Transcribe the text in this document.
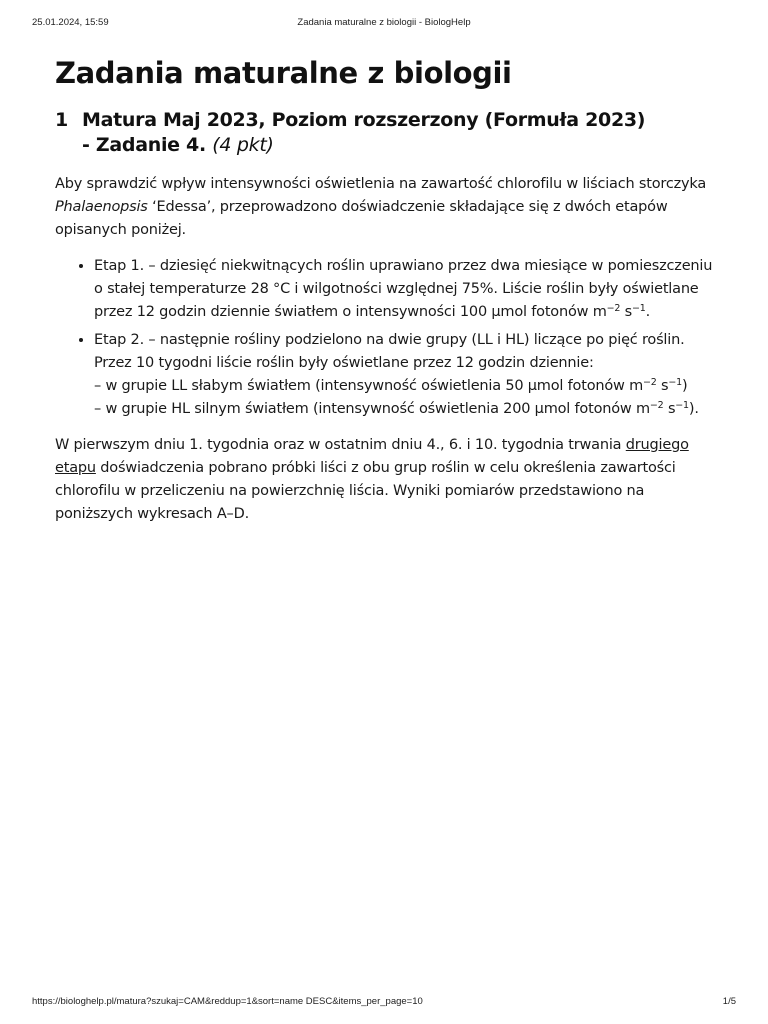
25.01.2024, 15:59	Zadania maturalne z biologii - BiologHelp
Zadania maturalne z biologii
1 Matura Maj 2023, Poziom rozszerzony (Formuła 2023)
- Zadanie 4. (4 pkt)

Aby sprawdzić wpływ intensywności oświetlenia na zawartość chlorofilu w liściach storczyka Phalaenopsis ‘Edessa’, przeprowadzono doświadczenie składające się z dwóch etapów opisanych poniżej.

• Etap 1. – dziesięć niekwitnących roślin uprawiano przez dwa miesiące w pomieszczeniu o stałej temperaturze 28 °C i wilgotności względnej 75%. Liście roślin były oświetlane przez 12 godzin dziennie światłem o intensywności 100 µmol fotonów $m^{-2}$ $s^{-1}$.
• Etap 2. – następnie rośliny podzielono na dwie grupy (LL i HL) liczące po pięć roślin. Przez 10 tygodni liście roślin były oświetlane przez 12 godzin dziennie:
– w grupie LL słabym światłem (intensywność oświetlenia 50 µmol fotonów $m^{-2}$ $s^{-1}$)
– w grupie HL silnym światłem (intensywność oświetlenia 200 µmol fotonów $m^{-2}$ $s^{-1}$).

W pierwszym dniu 1. tygodnia oraz w ostatnim dniu 4., 6. i 10. tygodnia trwania drugiego etapu doświadczenia pobrano próbki liści z obu grup roślin w celu określenia zawartości chlorofilu w przeliczeniu na powierzchnię liścia. Wyniki pomiarów przedstawiono na poniższych wykresach A–D.

https://biologhelp.pl/matura?szukaj=CAM&reddup=1&sort=name DESC&items_per_page=10	1/5
